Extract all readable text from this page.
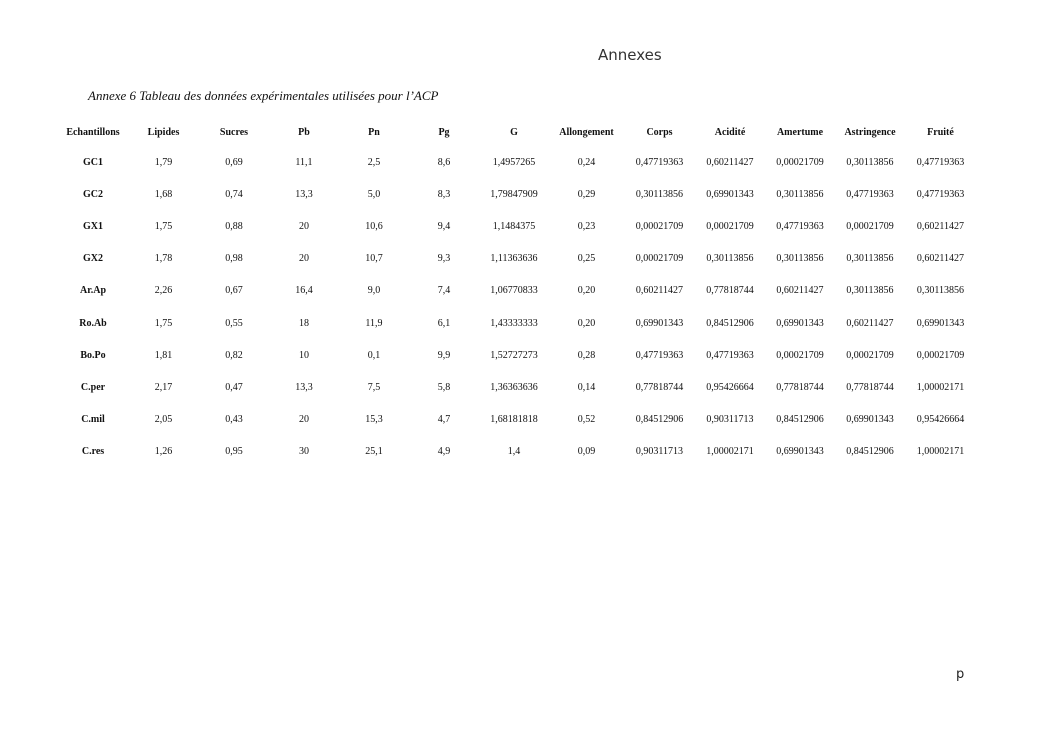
Annexes
Annexe 6 Tableau des données expérimentales utilisées pour l’ACP
Echantillons	Lipides	Sucres	Pb	Pn	Pg	G	Allongement	Corps	Acidité	Amertume	Astringence	Fruité
GC1	1,79	0,69	11,1	2,5	8,6	1,4957265	0,24	0,47719363	0,60211427	0,00021709	0,30113856	0,47719363
GC2	1,68	0,74	13,3	5,0	8,3	1,79847909	0,29	0,30113856	0,69901343	0,30113856	0,47719363	0,47719363
GX1	1,75	0,88	20	10,6	9,4	1,1484375	0,23	0,00021709	0,00021709	0,47719363	0,00021709	0,60211427
GX2	1,78	0,98	20	10,7	9,3	1,11363636	0,25	0,00021709	0,30113856	0,30113856	0,30113856	0,60211427
Ar.Ap	2,26	0,67	16,4	9,0	7,4	1,06770833	0,20	0,60211427	0,77818744	0,60211427	0,30113856	0,30113856
Ro.Ab	1,75	0,55	18	11,9	6,1	1,43333333	0,20	0,69901343	0,84512906	0,69901343	0,60211427	0,69901343
Bo.Po	1,81	0,82	10	0,1	9,9	1,52727273	0,28	0,47719363	0,47719363	0,00021709	0,00021709	0,00021709
C.per	2,17	0,47	13,3	7,5	5,8	1,36363636	0,14	0,77818744	0,95426664	0,77818744	0,77818744	1,00002171
C.mil	2,05	0,43	20	15,3	4,7	1,68181818	0,52	0,84512906	0,90311713	0,84512906	0,69901343	0,95426664
C.res	1,26	0,95	30	25,1	4,9	1,4	0,09	0,90311713	1,00002171	0,69901343	0,84512906	1,00002171
p
